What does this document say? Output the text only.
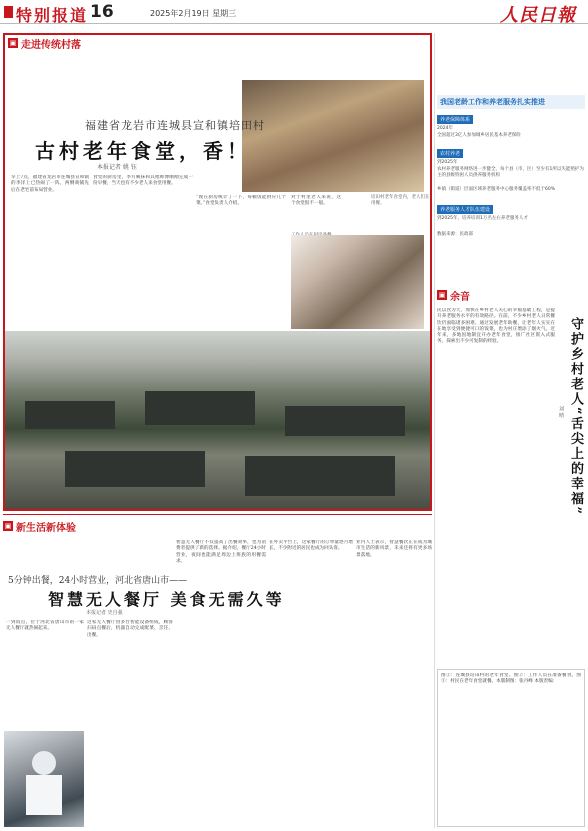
特别报道 16	2025年2月19日 星期三	人民日報
▣ 走进传统村落
培田村老年食堂内，老人们在用餐。
福建省龙岩市连城县宣和镇培田村
古村老年食堂，香！
本报记者 姚 钰
早上7点，福建省龙岩市连城县宣和镇的李洋上已热闹了一阵，两侧商铺先后在老宅前布局营业。
食堂的厨房里，李方姨抹和其他师傅刚刚完成一份早餐，当天也有不少老人来食堂用餐。
“现在厨房统计了一下，每顿饭能供应几个菜。”食堂负责人介绍。
对于村里老人来说，这个食堂很不一般。
我国老龄工作和养老服务扎实推进
养老保障体系
2024年
全国超过3亿人参加城乡居民基本养老保险
农村养老
到2025年
农村养老服务网络进一步健全，每个县（市、区）至少有1所以失能照护为主的县级特困人员供养服务机构
乡镇（街道）层面区域养老服务中心服务覆盖率不低于60%
养老服务人才队伍建设
到2025年，培养培训1万名左右养老服务人才
数据来源：民政部
▣ 余音
守护乡村老人“舌尖上的幸福”
刘 晴
民以食为天，加快在乡村老人关心的幸福基础工程，是提升养老服务水平的有效路径。在前，不少乡村老人日常餐饮仍面临诸多困难。通过发展老年助餐，让老年人实实在在地享受到便捷可口的饭菜，也为村庄增添了烟火气。近年来，多地因地制宜开办老年食堂，推广社区嵌入式服务，探索出不少可复制的经验。
图①：连城县培田村的老年食堂。图②：工作人员在准备餐食。图③：村民在老年食堂就餐。本版制图：张丹峰 本版责编：
▣ 新生活新体验
5分钟出餐，24小时营业，河北省唐山市——
智慧无人餐厅 美食无需久等
本报记者 史自强
一到饭点，位于河北省唐山市的一家无人餐厅就热闹起来。
这家无人餐厅由多台智能设备组成，顾客扫码点餐后，机器自动完成配菜、烹饪、出餐。
智慧无人餐厅不仅提高了出餐效率，也为消费者提供了新的选择。据介绍，餐厅24小时营业，夜间也能满足周边上班族的用餐需求。
在外卖平台上，这家餐厅的订单量逐月增长，不少附近的居民也成为回头客。
业内人士表示，智慧餐饮正在成为城市生活的新风景，未来还将有更多场景落地。
